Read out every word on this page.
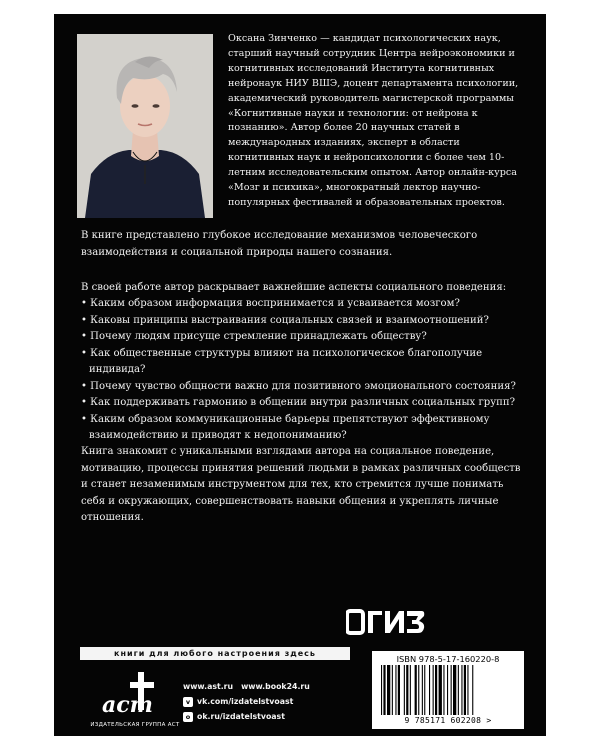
Оксана Зинченко — кандидат психологических наук, старший научный сотрудник Центра нейроэкономики и когнитивных исследований Института когнитивных нейронаук НИУ ВШЭ, доцент департамента психологии, академический руководитель магистерской программы «Когнитивные науки и технологии: от нейрона к познанию». Автор более 20 научных статей в международных изданиях, эксперт в области когнитивных наук и нейропсихологии с более чем 10-летним исследовательским опытом. Автор онлайн-курса «Мозг и психика», многократный лектор научно-популярных фестивалей и образовательных проектов.

В книге представлено глубокое исследование механизмов человеческого взаимодействия и социальной природы нашего сознания.

В своей работе автор раскрывает важнейшие аспекты социального поведения:

• Каким образом информация воспринимается и усваивается мозгом?
• Каковы принципы выстраивания социальных связей и взаимоотношений?
• Почему людям присуще стремление принадлежать обществу?
• Как общественные структуры влияют на психологическое благополучие индивида?
• Почему чувство общности важно для позитивного эмоционального состояния?
• Как поддерживать гармонию в общении внутри различных социальных групп?
• Каким образом коммуникационные барьеры препятствуют эффективному взаимодействию и приводят к недопониманию?

Книга знакомит с уникальными взглядами автора на социальное поведение, мотивацию, процессы принятия решений людьми в рамках различных сообществ и станет незаменимым инструментом для тех, кто стремится лучше понимать себя и окружающих, совершенствовать навыки общения и укреплять личные отношения.

книги для любого настроения здесь
аст
ИЗДАТЕЛЬСКАЯ ГРУППА АСТ
www.ast.ru www.book24.ru
v vk.com/izdatelstvoast
o ok.ru/izdatelstvoast
ISBN 978-5-17-160220-8
9 785171 602208 >
